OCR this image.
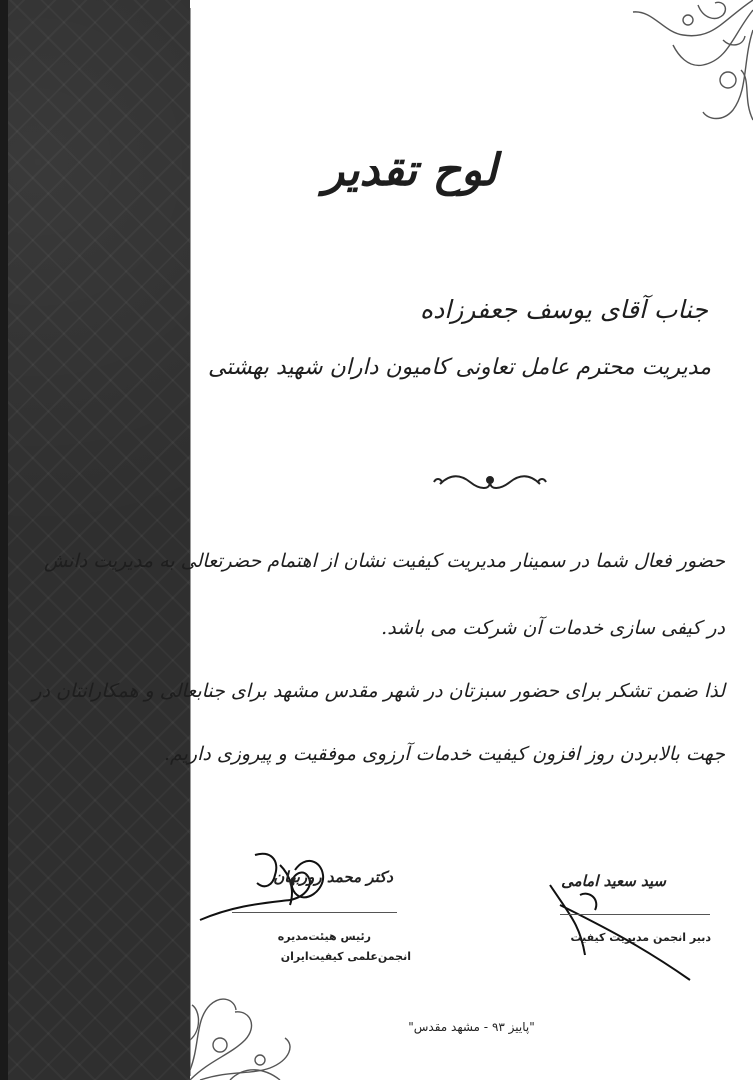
لوح تقدیر
جناب آقای یوسف جعفرزاده
مدیریت محترم عامل تعاونی کامیون داران شهید بهشتی
حضور فعال شما در سمینار مدیریت کیفیت نشان از اهتمام حضرتعالی به مدیریت دانش
در کیفی سازی خدمات آن شرکت می باشد.
لذا ضمن تشکر برای حضور سبزتان در شهر مقدس مشهد برای جنابعالی و همکارانتان در
جهت بالابردن روز افزون کیفیت خدمات آرزوی موفقیت و پیروزی داریم.
دکتر محمد روزبهان	سید سعید امامی
رئیس هیئت‌مدیره
انجمن‌علمی کیفیت‌ایران
دبیر انجمن مدیریت کیفیت
"پاییز ۹۳ - مشهد مقدس"
